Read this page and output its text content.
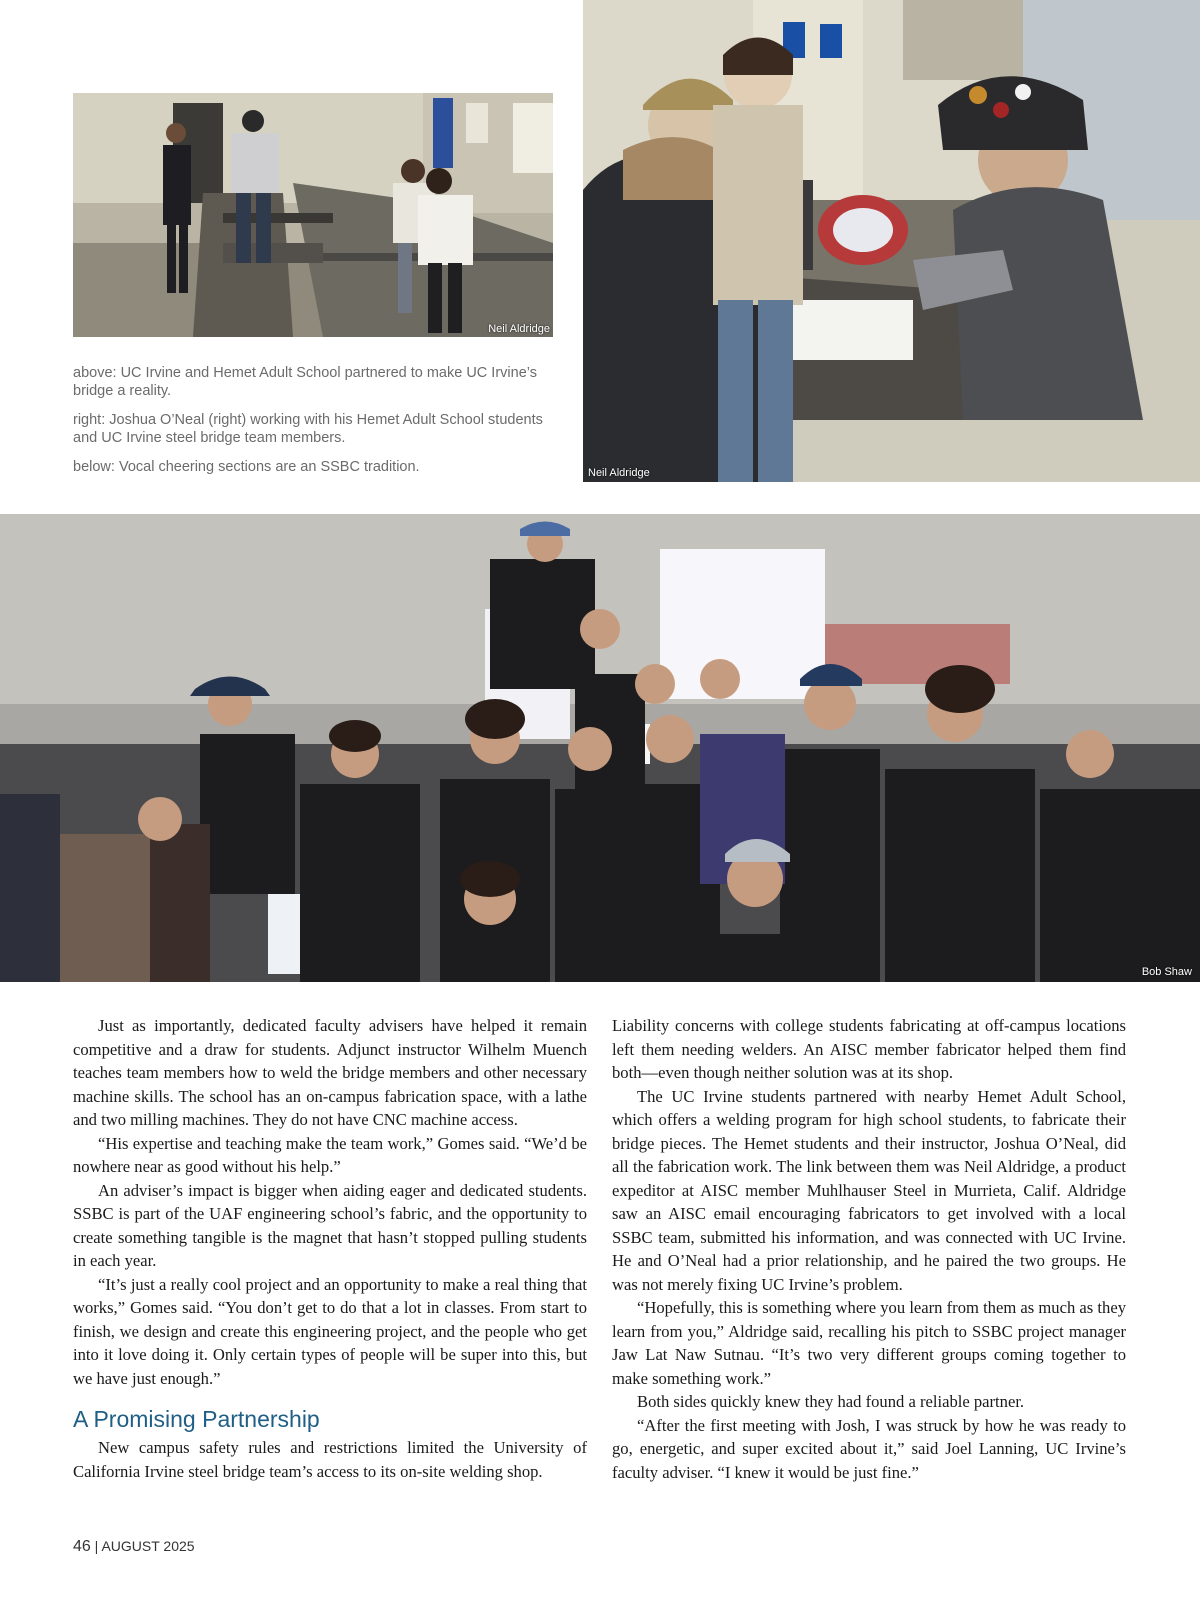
Neil Aldridge
Neil Aldridge

above: UC Irvine and Hemet Adult School partnered to make UC Irvine’s bridge a reality.

right: Joshua O’Neal (right) working with his Hemet Adult School students and UC Irvine steel bridge team members.

below: Vocal cheering sections are an SSBC tradition.

Bob Shaw

Just as importantly, dedicated faculty advisers have helped it remain competitive and a draw for students. Adjunct instructor Wilhelm Muench teaches team members how to weld the bridge members and other necessary machine skills. The school has an on-campus fabrication space, with a lathe and two milling machines. They do not have CNC machine access.

“His expertise and teaching make the team work,” Gomes said. “We’d be nowhere near as good without his help.”

An adviser’s impact is bigger when aiding eager and dedicated students. SSBC is part of the UAF engineering school’s fabric, and the opportunity to create something tangible is the magnet that hasn’t stopped pulling students in each year.

“It’s just a really cool project and an opportunity to make a real thing that works,” Gomes said. “You don’t get to do that a lot in classes. From start to finish, we design and create this engineering project, and the people who get into it love doing it. Only certain types of people will be super into this, but we have just enough.”

A Promising Partnership

New campus safety rules and restrictions limited the University of California Irvine steel bridge team’s access to its on-site welding shop.

Liability concerns with college students fabricating at off-campus locations left them needing welders. An AISC member fabricator helped them find both—even though neither solution was at its shop.

The UC Irvine students partnered with nearby Hemet Adult School, which offers a welding program for high school students, to fabricate their bridge pieces. The Hemet students and their instructor, Joshua O’Neal, did all the fabrication work. The link between them was Neil Aldridge, a product expeditor at AISC member Muhlhauser Steel in Murrieta, Calif. Aldridge saw an AISC email encouraging fabricators to get involved with a local SSBC team, submitted his information, and was connected with UC Irvine. He and O’Neal had a prior relationship, and he paired the two groups. He was not merely fixing UC Irvine’s problem.

“Hopefully, this is something where you learn from them as much as they learn from you,” Aldridge said, recalling his pitch to SSBC project manager Jaw Lat Naw Sutnau. “It’s two very different groups coming together to make something work.”

Both sides quickly knew they had found a reliable partner.

“After the first meeting with Josh, I was struck by how he was ready to go, energetic, and super excited about it,” said Joel Lanning, UC Irvine’s faculty adviser. “I knew it would be just fine.”

46 | AUGUST 2025
